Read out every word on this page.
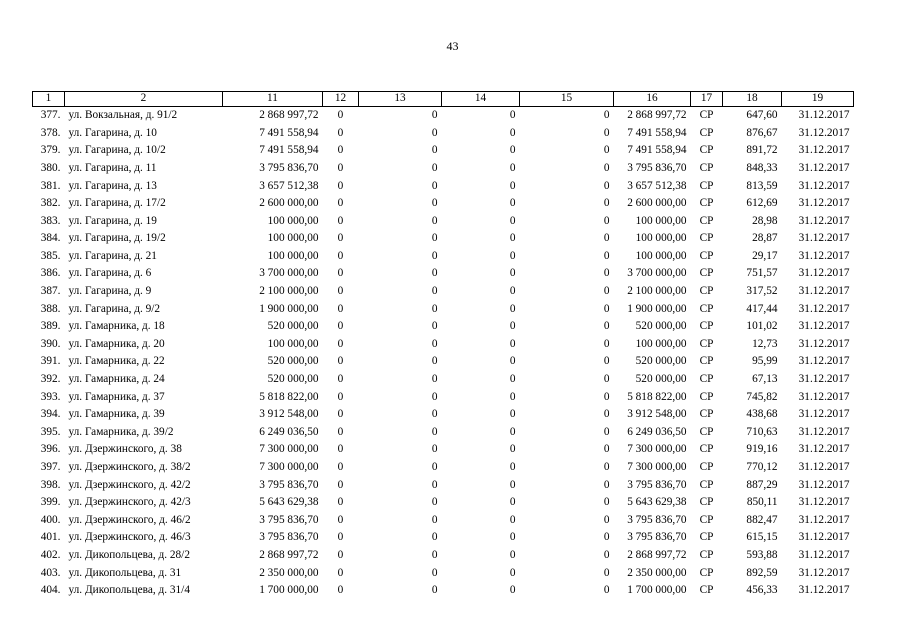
43
1	2	11	12	13	14	15	16	17	18	19
377.	ул. Вокзальная, д. 91/2	2 868 997,72	0	0	0	0	2 868 997,72	СР	647,60	31.12.2017
378.	ул. Гагарина, д. 10	7 491 558,94	0	0	0	0	7 491 558,94	СР	876,67	31.12.2017
379.	ул. Гагарина, д. 10/2	7 491 558,94	0	0	0	0	7 491 558,94	СР	891,72	31.12.2017
380.	ул. Гагарина, д. 11	3 795 836,70	0	0	0	0	3 795 836,70	СР	848,33	31.12.2017
381.	ул. Гагарина, д. 13	3 657 512,38	0	0	0	0	3 657 512,38	СР	813,59	31.12.2017
382.	ул. Гагарина, д. 17/2	2 600 000,00	0	0	0	0	2 600 000,00	СР	612,69	31.12.2017
383.	ул. Гагарина, д. 19	100 000,00	0	0	0	0	100 000,00	СР	28,98	31.12.2017
384.	ул. Гагарина, д. 19/2	100 000,00	0	0	0	0	100 000,00	СР	28,87	31.12.2017
385.	ул. Гагарина, д. 21	100 000,00	0	0	0	0	100 000,00	СР	29,17	31.12.2017
386.	ул. Гагарина, д. 6	3 700 000,00	0	0	0	0	3 700 000,00	СР	751,57	31.12.2017
387.	ул. Гагарина, д. 9	2 100 000,00	0	0	0	0	2 100 000,00	СР	317,52	31.12.2017
388.	ул. Гагарина, д. 9/2	1 900 000,00	0	0	0	0	1 900 000,00	СР	417,44	31.12.2017
389.	ул. Гамарника, д. 18	520 000,00	0	0	0	0	520 000,00	СР	101,02	31.12.2017
390.	ул. Гамарника, д. 20	100 000,00	0	0	0	0	100 000,00	СР	12,73	31.12.2017
391.	ул. Гамарника, д. 22	520 000,00	0	0	0	0	520 000,00	СР	95,99	31.12.2017
392.	ул. Гамарника, д. 24	520 000,00	0	0	0	0	520 000,00	СР	67,13	31.12.2017
393.	ул. Гамарника, д. 37	5 818 822,00	0	0	0	0	5 818 822,00	СР	745,82	31.12.2017
394.	ул. Гамарника, д. 39	3 912 548,00	0	0	0	0	3 912 548,00	СР	438,68	31.12.2017
395.	ул. Гамарника, д. 39/2	6 249 036,50	0	0	0	0	6 249 036,50	СР	710,63	31.12.2017
396.	ул. Дзержинского, д. 38	7 300 000,00	0	0	0	0	7 300 000,00	СР	919,16	31.12.2017
397.	ул. Дзержинского, д. 38/2	7 300 000,00	0	0	0	0	7 300 000,00	СР	770,12	31.12.2017
398.	ул. Дзержинского, д. 42/2	3 795 836,70	0	0	0	0	3 795 836,70	СР	887,29	31.12.2017
399.	ул. Дзержинского, д. 42/3	5 643 629,38	0	0	0	0	5 643 629,38	СР	850,11	31.12.2017
400.	ул. Дзержинского, д. 46/2	3 795 836,70	0	0	0	0	3 795 836,70	СР	882,47	31.12.2017
401.	ул. Дзержинского, д. 46/3	3 795 836,70	0	0	0	0	3 795 836,70	СР	615,15	31.12.2017
402.	ул. Дикопольцева, д. 28/2	2 868 997,72	0	0	0	0	2 868 997,72	СР	593,88	31.12.2017
403.	ул. Дикопольцева, д. 31	2 350 000,00	0	0	0	0	2 350 000,00	СР	892,59	31.12.2017
404.	ул. Дикопольцева, д. 31/4	1 700 000,00	0	0	0	0	1 700 000,00	СР	456,33	31.12.2017
